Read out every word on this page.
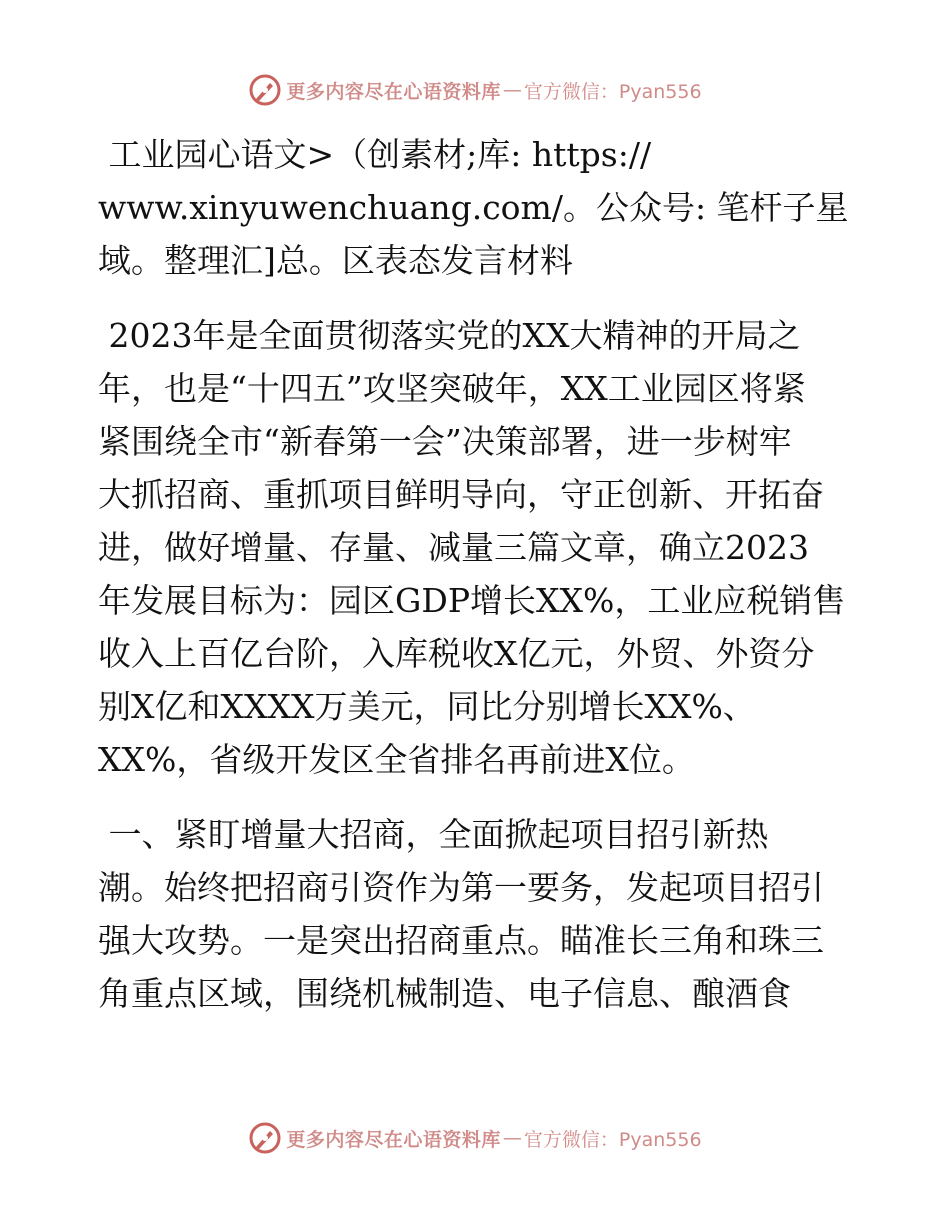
更多内容尽在心语资料库 — 官方微信：Pyan556

工业园心语文>（创素材;库: https://

www.xinyuwenchuang.com/。公众号: 笔杆子星

域。整理汇]总。区表态发言材料

2023年是全面贯彻落实党的XX大精神的开局之

年，也是“十四五”攻坚突破年，XX工业园区将紧

紧围绕全市“新春第一会”决策部署，进一步树牢

大抓招商、重抓项目鲜明导向，守正创新、开拓奋

进，做好增量、存量、减量三篇文章，确立2023

年发展目标为：园区GDP增长XX%，工业应税销售

收入上百亿台阶，入库税收X亿元，外贸、外资分

别X亿和XXXX万美元，同比分别增长XX%、

XX%，省级开发区全省排名再前进X位。

一、紧盯增量大招商，全面掀起项目招引新热

潮。始终把招商引资作为第一要务，发起项目招引

强大攻势。一是突出招商重点。瞄准长三角和珠三

角重点区域，围绕机械制造、电子信息、酿酒食

更多内容尽在心语资料库 — 官方微信：Pyan556
